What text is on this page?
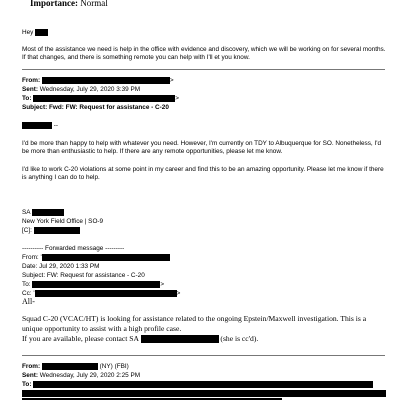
Importance: Normal
Hey
Most of the assistance we need is help in the office with evidence and discovery, which we will be working on for several months. If that changes, and there is something remote you can help with I'll et you know.
From:	>
Sent: Wednesday, July 29, 2020 3:39 PM
To:	>
Subject: Fwd: FW: Request for assistance - C-20
--
I'd be more than happy to help with whatever you need. However, I'm currently on TDY to Albuquerque for SO. Nonetheless, I'd be more than enthusiastic to help. If there are any remote opportunities, please let me know.
I'd like to work C-20 violations at some point in my career and find this to be an amazing opportunity. Please let me know if there is anything I can do to help.
SA
New York Field Office | SO-9
[C]:
---------- Forwarded message ---------
From:
Date: Jul 29, 2020 1:33 PM
Subject: FW: Request for assistance - C-20
To:	>
Cc:	>
All-
Squad C-20 (VCAC/HT) is looking for assistance related to the ongoing Epstein/Maxwell investigation. This is a unique opportunity to assist with a high profile case.
If you are available, please contact SA	(she is cc'd).
From:	(NY) (FBI)
Sent: Wednesday, July 29, 2020 2:25 PM
To:
